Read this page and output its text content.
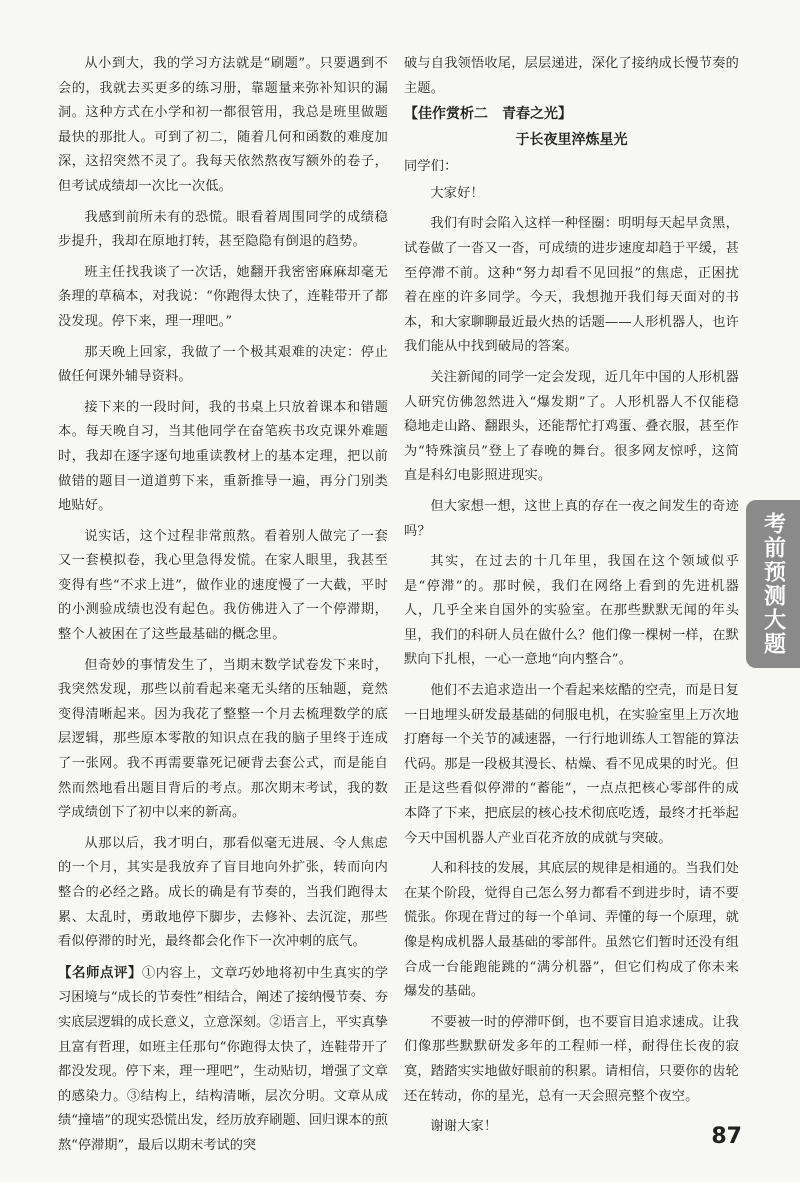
从小到大，我的学习方法就是“刷题”。只要遇到不会的，我就去买更多的练习册，靠题量来弥补知识的漏洞。这种方式在小学和初一都很管用，我总是班里做题最快的那批人。可到了初二，随着几何和函数的难度加深，这招突然不灵了。我每天依然熬夜写额外的卷子，但考试成绩却一次比一次低。

我感到前所未有的恐慌。眼看着周围同学的成绩稳步提升，我却在原地打转，甚至隐隐有倒退的趋势。

班主任找我谈了一次话，她翻开我密密麻麻却毫无条理的草稿本，对我说：“你跑得太快了，连鞋带开了都没发现。停下来，理一理吧。”

那天晚上回家，我做了一个极其艰难的决定：停止做任何课外辅导资料。

接下来的一段时间，我的书桌上只放着课本和错题本。每天晚自习，当其他同学在奋笔疾书攻克课外难题时，我却在逐字逐句地重读教材上的基本定理，把以前做错的题目一道道剪下来，重新推导一遍，再分门别类地贴好。

说实话，这个过程非常煎熬。看着别人做完了一套又一套模拟卷，我心里急得发慌。在家人眼里，我甚至变得有些“不求上进”，做作业的速度慢了一大截，平时的小测验成绩也没有起色。我仿佛进入了一个停滞期，整个人被困在了这些最基础的概念里。

但奇妙的事情发生了，当期末数学试卷发下来时，我突然发现，那些以前看起来毫无头绪的压轴题，竟然变得清晰起来。因为我花了整整一个月去梳理数学的底层逻辑，那些原本零散的知识点在我的脑子里终于连成了一张网。我不再需要靠死记硬背去套公式，而是能自然而然地看出题目背后的考点。那次期末考试，我的数学成绩创下了初中以来的新高。

从那以后，我才明白，那看似毫无进展、令人焦虑的一个月，其实是我放弃了盲目地向外扩张，转而向内整合的必经之路。成长的确是有节奏的，当我们跑得太累、太乱时，勇敢地停下脚步，去修补、去沉淀，那些看似停滞的时光，最终都会化作下一次冲刺的底气。

【名师点评】①内容上，文章巧妙地将初中生真实的学习困境与“成长的节奏性”相结合，阐述了接纳慢节奏、夯实底层逻辑的成长意义，立意深刻。②语言上，平实真挚且富有哲理，如班主任那句“你跑得太快了，连鞋带开了都没发现。停下来，理一理吧”，生动贴切，增强了文章的感染力。③结构上，结构清晰，层次分明。文章从成绩“撞墙”的现实恐慌出发，经历放弃刷题、回归课本的煎熬“停滞期”，最后以期末考试的突

破与自我领悟收尾，层层递进，深化了接纳成长慢节奏的主题。

【佳作赏析二　青春之光】
于长夜里淬炼星光

同学们：

大家好！

我们有时会陷入这样一种怪圈：明明每天起早贪黑，试卷做了一沓又一沓，可成绩的进步速度却趋于平缓，甚至停滞不前。这种“努力却看不见回报”的焦虑，正困扰着在座的许多同学。今天，我想抛开我们每天面对的书本，和大家聊聊最近最火热的话题——人形机器人，也许我们能从中找到破局的答案。

关注新闻的同学一定会发现，近几年中国的人形机器人研究仿佛忽然进入“爆发期”了。人形机器人不仅能稳稳地走山路、翻跟头，还能帮忙打鸡蛋、叠衣服，甚至作为“特殊演员”登上了春晚的舞台。很多网友惊呼，这简直是科幻电影照进现实。

但大家想一想，这世上真的存在一夜之间发生的奇迹吗？

其实，在过去的十几年里，我国在这个领域似乎是“停滞”的。那时候，我们在网络上看到的先进机器人，几乎全来自国外的实验室。在那些默默无闻的年头里，我们的科研人员在做什么？他们像一棵树一样，在默默向下扎根，一心一意地“向内整合”。

他们不去追求造出一个看起来炫酷的空壳，而是日复一日地埋头研发最基础的伺服电机，在实验室里上万次地打磨每一个关节的减速器，一行行地训练人工智能的算法代码。那是一段极其漫长、枯燥、看不见成果的时光。但正是这些看似停滞的“蓄能”，一点点把核心零部件的成本降了下来，把底层的核心技术彻底吃透，最终才托举起今天中国机器人产业百花齐放的成就与突破。

人和科技的发展，其底层的规律是相通的。当我们处在某个阶段，觉得自己怎么努力都看不到进步时，请不要慌张。你现在背过的每一个单词、弄懂的每一个原理，就像是构成机器人最基础的零部件。虽然它们暂时还没有组合成一台能跑能跳的“满分机器”，但它们构成了你未来爆发的基础。

不要被一时的停滞吓倒，也不要盲目追求速成。让我们像那些默默研发多年的工程师一样，耐得住长夜的寂寞，踏踏实实地做好眼前的积累。请相信，只要你的齿轮还在转动，你的星光，总有一天会照亮整个夜空。

谢谢大家！

考前预测大题
87
